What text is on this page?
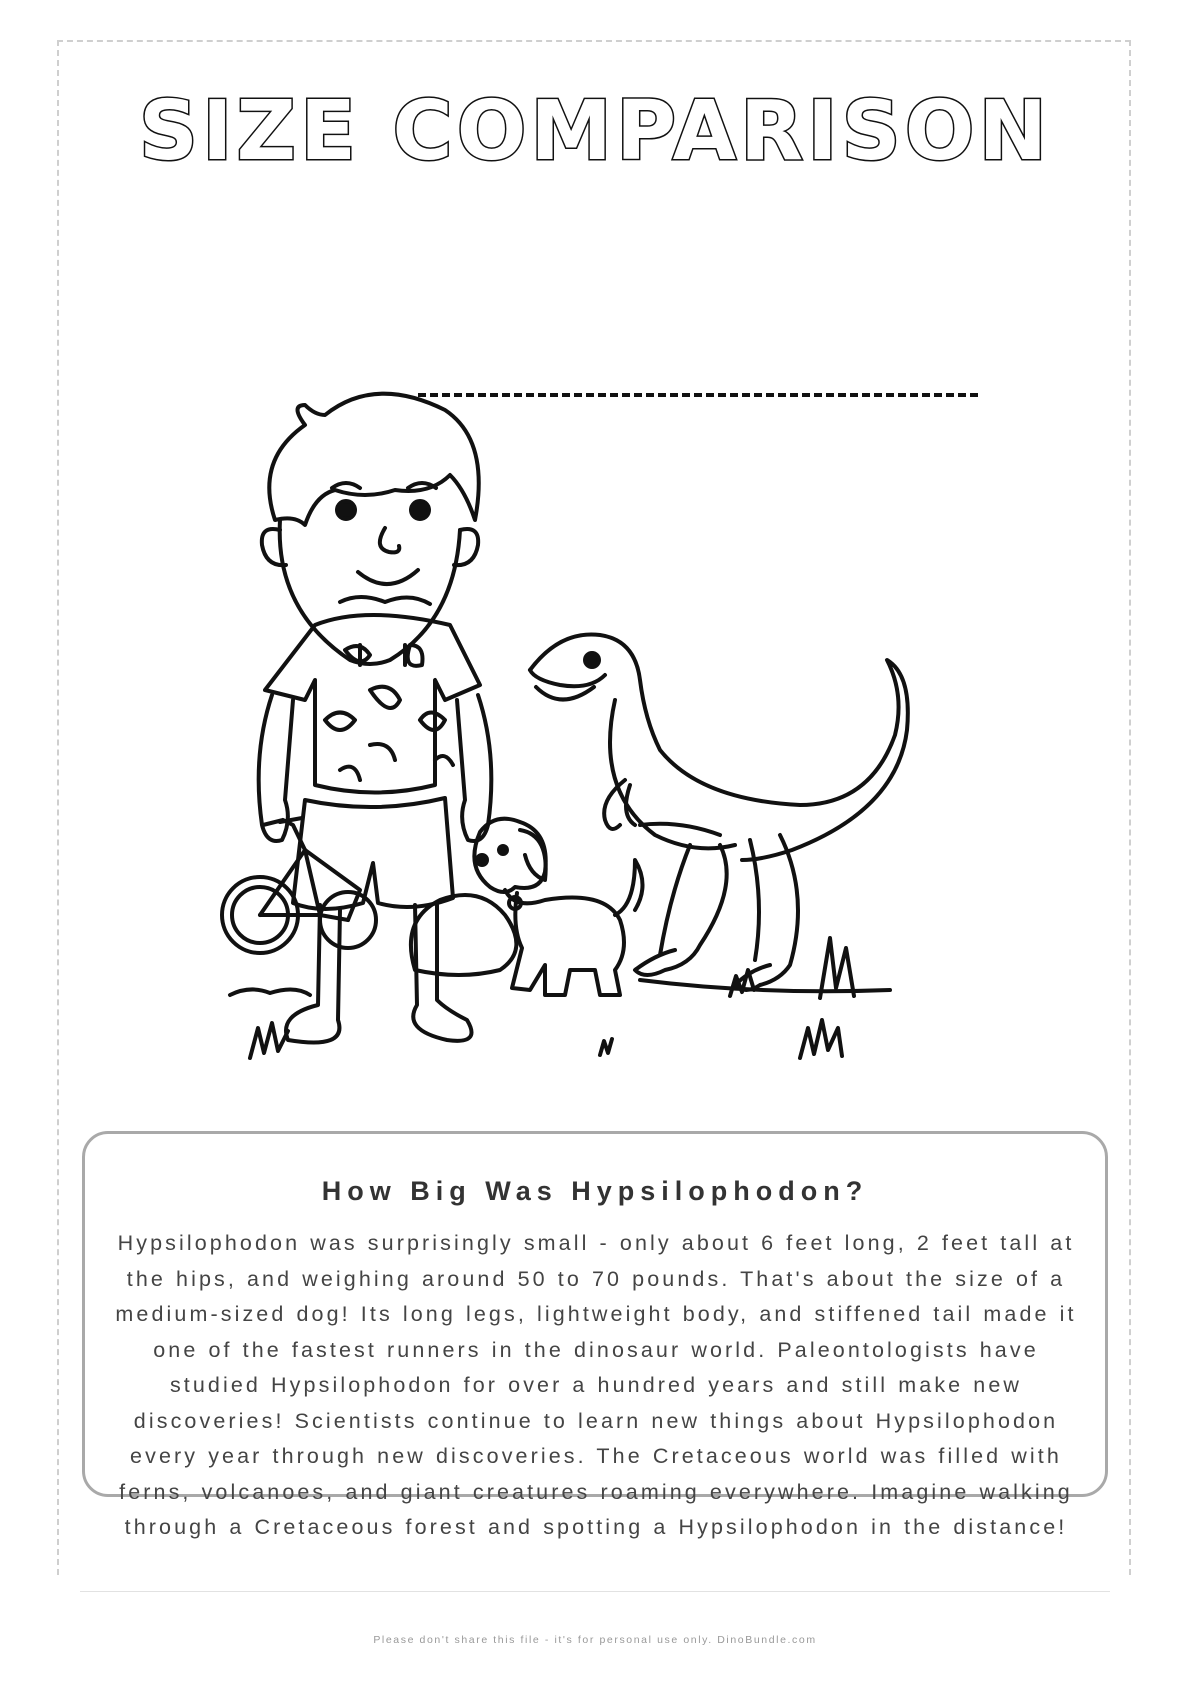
SIZE COMPARISON
How Big Was Hypsilophodon?
Hypsilophodon was surprisingly small - only about 6 feet long, 2 feet tall at the hips, and weighing around 50 to 70 pounds. That's about the size of a medium-sized dog! Its long legs, lightweight body, and stiffened tail made it one of the fastest runners in the dinosaur world. Paleontologists have studied Hypsilophodon for over a hundred years and still make new discoveries! Scientists continue to learn new things about Hypsilophodon every year through new discoveries. The Cretaceous world was filled with ferns, volcanoes, and giant creatures roaming everywhere. Imagine walking through a Cretaceous forest and spotting a Hypsilophodon in the distance!
Please don't share this file - it's for personal use only. DinoBundle.com
